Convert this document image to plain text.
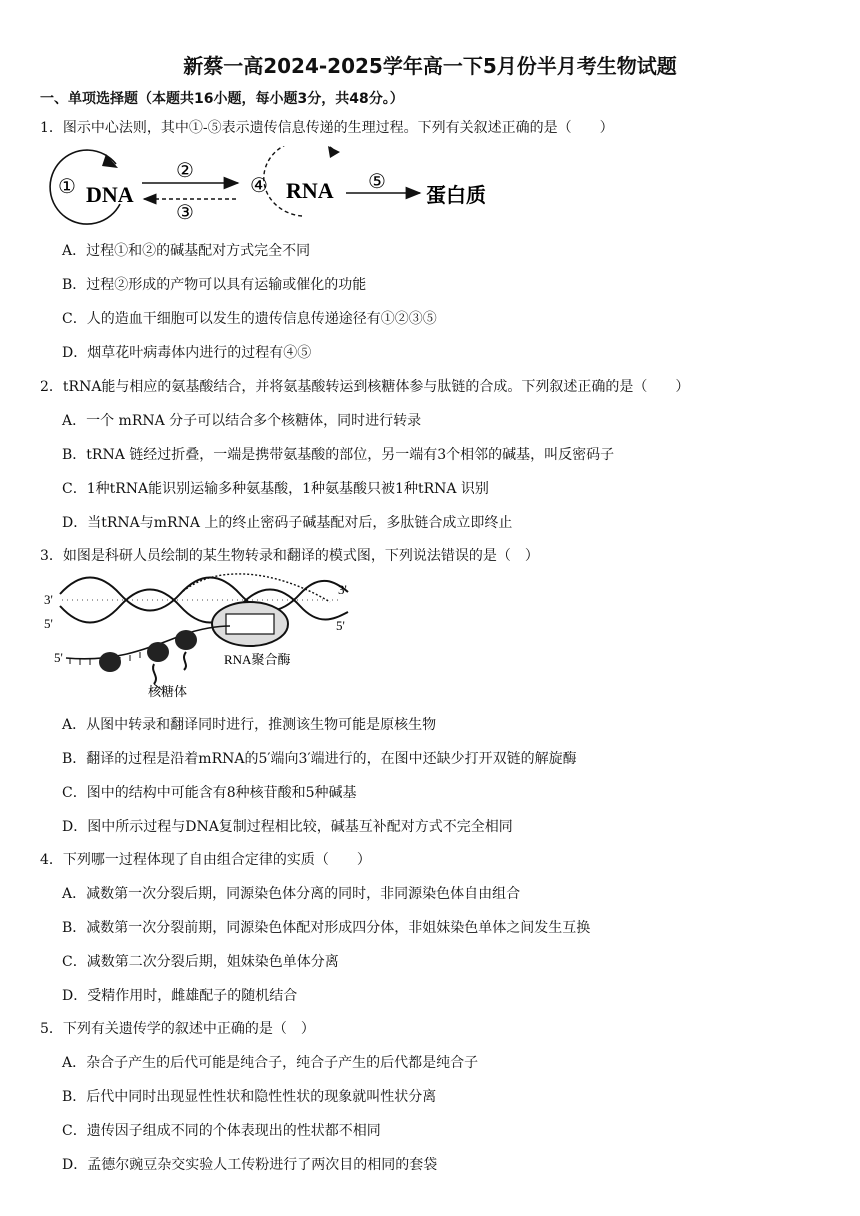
新蔡一高2024-2025学年高一下5月份半月考生物试题
一、单项选择题（本题共16小题，每小题3分，共48分。）
1．图示中心法则，其中①-⑤表示遗传信息传递的生理过程。下列有关叙述正确的是（　　）
① DNA
②
③
④ RNA ⑤
蛋白质
A．过程①和②的碱基配对方式完全不同
B．过程②形成的产物可以具有运输或催化的功能
C．人的造血干细胞可以发生的遗传信息传递途径有①②③⑤
D．烟草花叶病毒体内进行的过程有④⑤
2．tRNA能与相应的氨基酸结合，并将氨基酸转运到核糖体参与肽链的合成。下列叙述正确的是（　　）
A．一个 mRNA 分子可以结合多个核糖体，同时进行转录
B．tRNA 链经过折叠，一端是携带氨基酸的部位，另一端有3个相邻的碱基，叫反密码子
C．1种tRNA能识别运输多种氨基酸，1种氨基酸只被1种tRNA 识别
D．当tRNA与mRNA 上的终止密码子碱基配对后，多肽链合成立即终止
3．如图是科研人员绘制的某生物转录和翻译的模式图，下列说法错误的是（　）
3'
5'
3'
5'
5'	RNA聚合酶
核糖体
A．从图中转录和翻译同时进行，推测该生物可能是原核生物
B．翻译的过程是沿着mRNA的5′端向3′端进行的，在图中还缺少打开双链的解旋酶
C．图中的结构中可能含有8种核苷酸和5种碱基
D．图中所示过程与DNA复制过程相比较，碱基互补配对方式不完全相同
4．下列哪一过程体现了自由组合定律的实质（　　）
A．减数第一次分裂后期，同源染色体分离的同时，非同源染色体自由组合
B．减数第一次分裂前期，同源染色体配对形成四分体，非姐妹染色单体之间发生互换
C．减数第二次分裂后期，姐妹染色单体分离
D．受精作用时，雌雄配子的随机结合
5．下列有关遗传学的叙述中正确的是（　）
A．杂合子产生的后代可能是纯合子，纯合子产生的后代都是纯合子
B．后代中同时出现显性性状和隐性性状的现象就叫性状分离
C．遗传因子组成不同的个体表现出的性状都不相同
D．孟德尔豌豆杂交实验人工传粉进行了两次目的相同的套袋
